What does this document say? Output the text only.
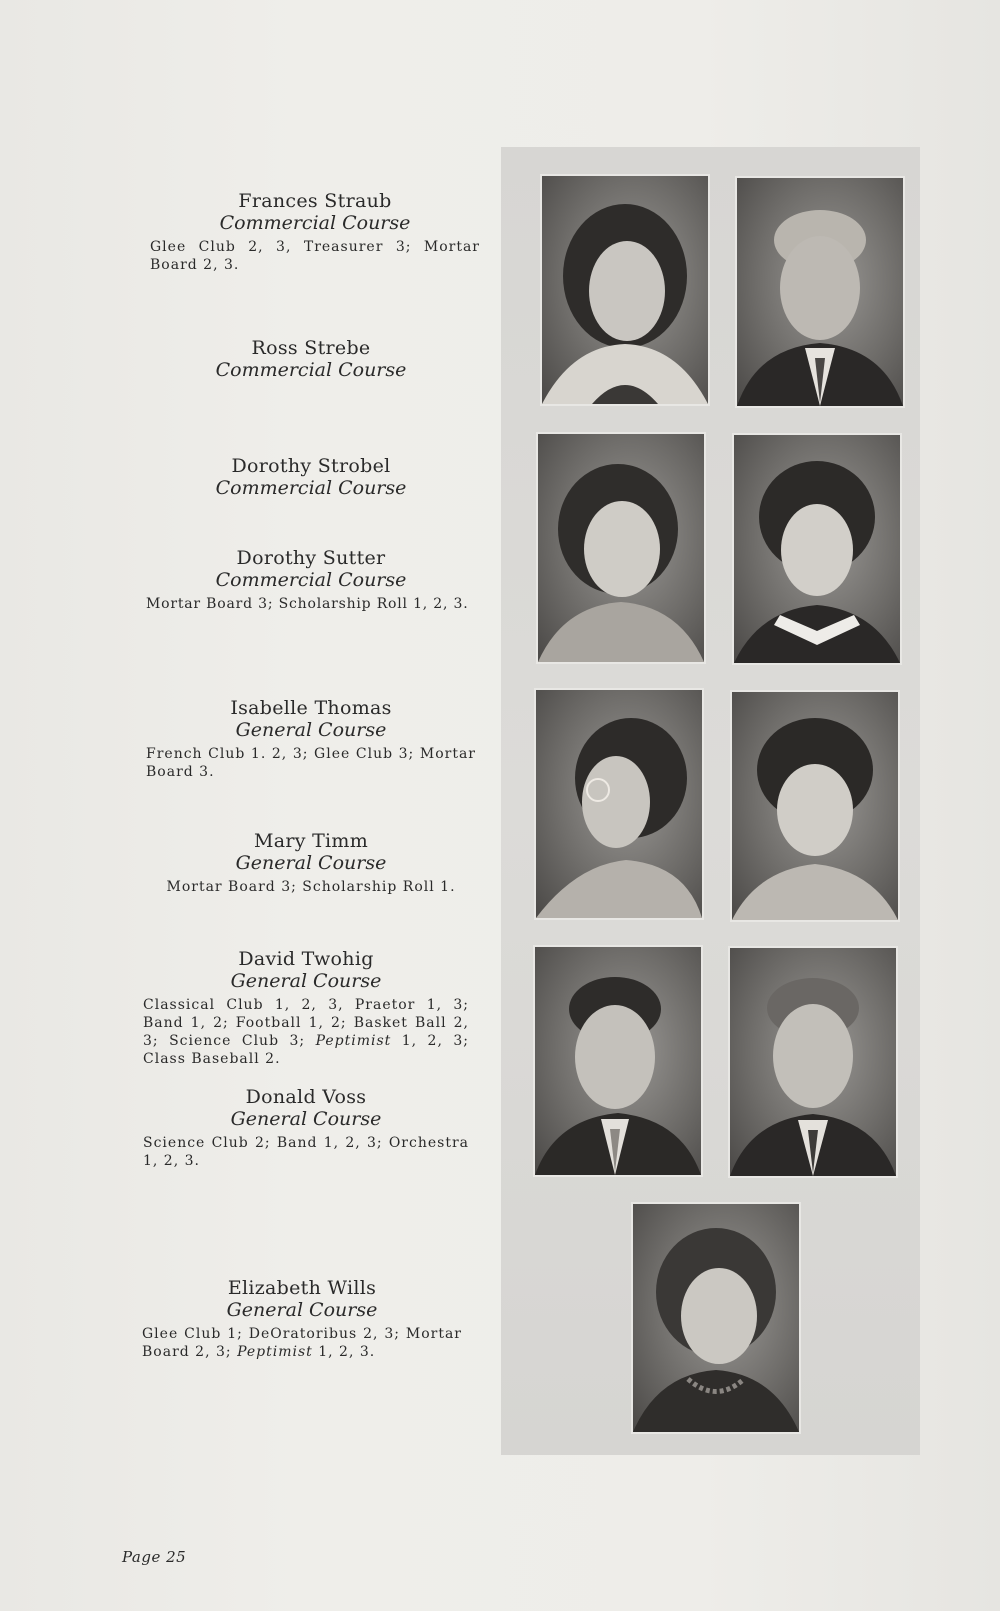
Frances Straub
Commercial Course
Glee Club 2, 3, Treasurer 3; Mortar Board 2, 3.
Ross Strebe
Commercial Course
Dorothy Strobel
Commercial Course
Dorothy Sutter
Commercial Course
Mortar Board 3; Scholarship Roll 1, 2, 3.
Isabelle Thomas
General Course
French Club 1. 2, 3; Glee Club 3; Mortar Board 3.
Mary Timm
General Course
Mortar Board 3; Scholarship Roll 1.
David Twohig
General Course
Classical Club 1, 2, 3, Praetor 1, 3; Band 1, 2; Football 1, 2; Basket Ball 2, 3; Science Club 3; Peptimist 1, 2, 3; Class Baseball 2.
Donald Voss
General Course
Science Club 2; Band 1, 2, 3; Orchestra 1, 2, 3.
Elizabeth Wills
General Course
Glee Club 1; DeOratoribus 2, 3; Mortar Board 2, 3; Peptimist 1, 2, 3.
Page 25
